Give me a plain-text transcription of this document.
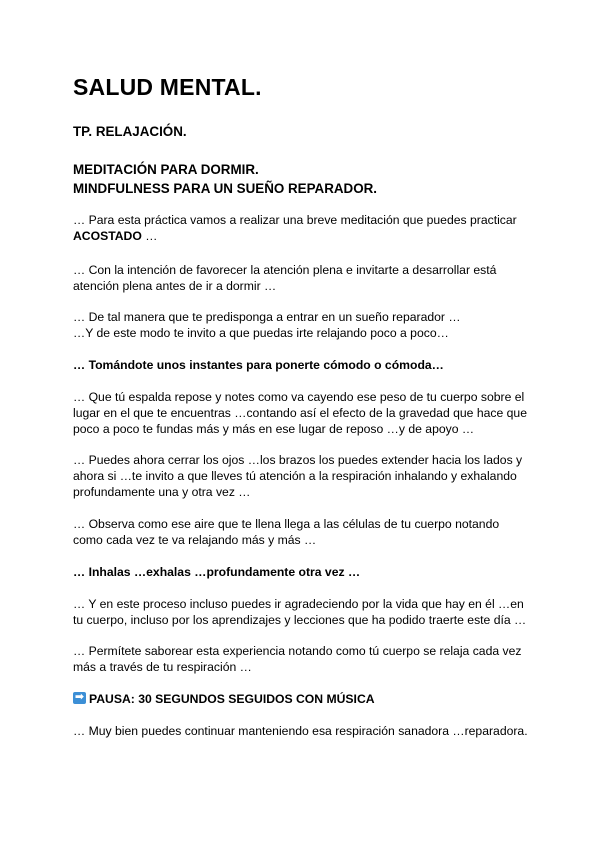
SALUD MENTAL.
TP. RELAJACIÓN.
MEDITACIÓN PARA DORMIR.
MINDFULNESS PARA UN SUEÑO REPARADOR.
… Para esta práctica vamos a realizar una breve meditación que puedes practicar
ACOSTADO …
… Con la intención de favorecer la atención plena e invitarte a desarrollar está
atención plena antes de ir a dormir …
… De tal manera que te predisponga a entrar en un sueño reparador …
…Y de este modo te invito a que puedas irte relajando poco a poco…
… Tomándote unos instantes para ponerte cómodo o cómoda…
… Que tú espalda repose y notes como va cayendo ese peso de tu cuerpo sobre el
lugar en el que te encuentras …contando así el efecto de la gravedad que hace que
poco a poco te fundas más y más en ese lugar de reposo …y de apoyo …
… Puedes ahora cerrar los ojos …los brazos los puedes extender hacia los lados y
ahora si …te invito a que lleves tú atención a la respiración inhalando y exhalando
profundamente una y otra vez …
… Observa como ese aire que te llena llega a las células de tu cuerpo notando
como cada vez te va relajando más y más …
… Inhalas …exhalas …profundamente otra vez …
… Y en este proceso incluso puedes ir agradeciendo por la vida que hay en él …en
tu cuerpo, incluso por los aprendizajes y lecciones que ha podido traerte este día …
… Permítete saborear esta experiencia notando como tú cuerpo se relaja cada vez
más a través de tu respiración …
➡PAUSA: 30 SEGUNDOS SEGUIDOS CON MÚSICA
… Muy bien puedes continuar manteniendo esa respiración sanadora …reparadora.
